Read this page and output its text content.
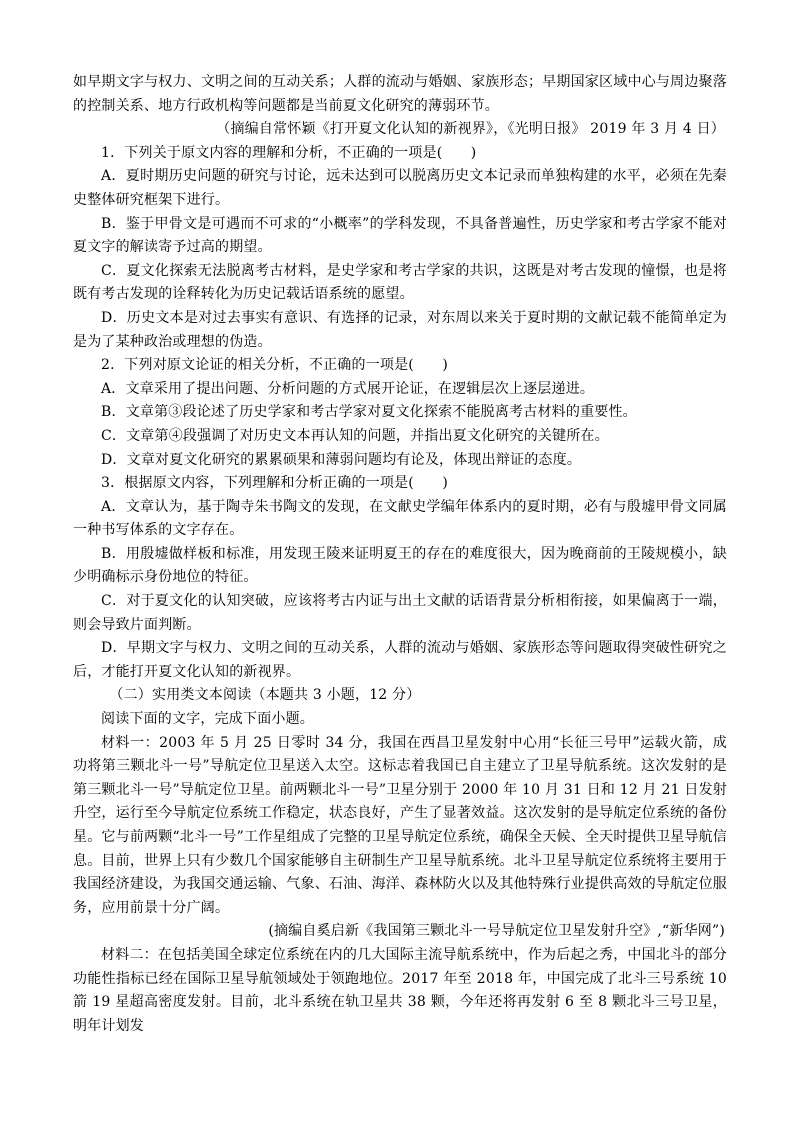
如早期文字与权力、文明之间的互动关系；人群的流动与婚姻、家族形态；早期国家区域中心与周边聚落的控制关系、地方行政机构等问题都是当前夏文化研究的薄弱环节。

（摘编自常怀颖《打开夏文化认知的新视界》，《光明日报》 2019 年 3 月 4 日）

1．下列关于原文内容的理解和分析，不正确的一项是(　　)

A．夏时期历史问题的研究与讨论，远未达到可以脱离历史文本记录而单独构建的水平，必须在先秦史整体研究框架下进行。

B．鉴于甲骨文是可遇而不可求的“小概率”的学科发现，不具备普遍性，历史学家和考古学家不能对夏文字的解读寄予过高的期望。

C．夏文化探索无法脱离考古材料，是史学家和考古学家的共识，这既是对考古发现的憧憬，也是将既有考古发现的诠释转化为历史记载话语系统的愿望。

D．历史文本是对过去事实有意识、有选择的记录，对东周以来关于夏时期的文献记载不能简单定为是为了某种政治或理想的伪造。

2．下列对原文论证的相关分析，不正确的一项是(　　)

A．文章采用了提出问题、分析问题的方式展开论证，在逻辑层次上逐层递进。

B．文章第③段论述了历史学家和考古学家对夏文化探索不能脱离考古材料的重要性。

C．文章第④段强调了对历史文本再认知的问题，并指出夏文化研究的关键所在。

D．文章对夏文化研究的累累硕果和薄弱问题均有论及，体现出辩证的态度。

3．根据原文内容，下列理解和分析正确的一项是(　　)

A．文章认为，基于陶寺朱书陶文的发现，在文献史学编年体系内的夏时期，必有与殷墟甲骨文同属一种书写体系的文字存在。

B．用殷墟做样板和标准，用发现王陵来证明夏王的存在的难度很大，因为晚商前的王陵规模小，缺少明确标示身份地位的特征。

C．对于夏文化的认知突破，应该将考古内证与出土文献的话语背景分析相衔接，如果偏离于一端，则会导致片面判断。

D．早期文字与权力、文明之间的互动关系，人群的流动与婚姻、家族形态等问题取得突破性研究之后，才能打开夏文化认知的新视界。

（二）实用类文本阅读（本题共 3 小题，12 分）

阅读下面的文字，完成下面小题。

材料一：2003 年 5 月 25 日零时 34 分，我国在西昌卫星发射中心用“长征三号甲”运载火箭，成功将第三颗北斗一号”导航定位卫星送入太空。这标志着我国已自主建立了卫星导航系统。这次发射的是第三颗北斗一号”导航定位卫星。前两颗北斗一号”卫星分别于 2000 年 10 月 31 日和 12 月 21 日发射升空，运行至今导航定位系统工作稳定，状态良好，产生了显著效益。这次发射的是导航定位系统的备份星。它与前两颗“北斗一号”工作星组成了完整的卫星导航定位系统，确保全天候、全天时提供卫星导航信息。目前，世界上只有少数几个国家能够自主研制生产卫星导航系统。北斗卫星导航定位系统将主要用于我国经济建设，为我国交通运输、气象、石油、海洋、森林防火以及其他特殊行业提供高效的导航定位服务，应用前景十分广阔。

(摘编自奚启新《我国第三颗北斗一号导航定位卫星发射升空》,“新华网”)

材料二：在包括美国全球定位系统在内的几大国际主流导航系统中，作为后起之秀，中国北斗的部分功能性指标已经在国际卫星导航领域处于领跑地位。2017 年至 2018 年，中国完成了北斗三号系统 10 箭 19 星超高密度发射。目前，北斗系统在轨卫星共 38 颗，今年还将再发射 6 至 8 颗北斗三号卫星，明年计划发
